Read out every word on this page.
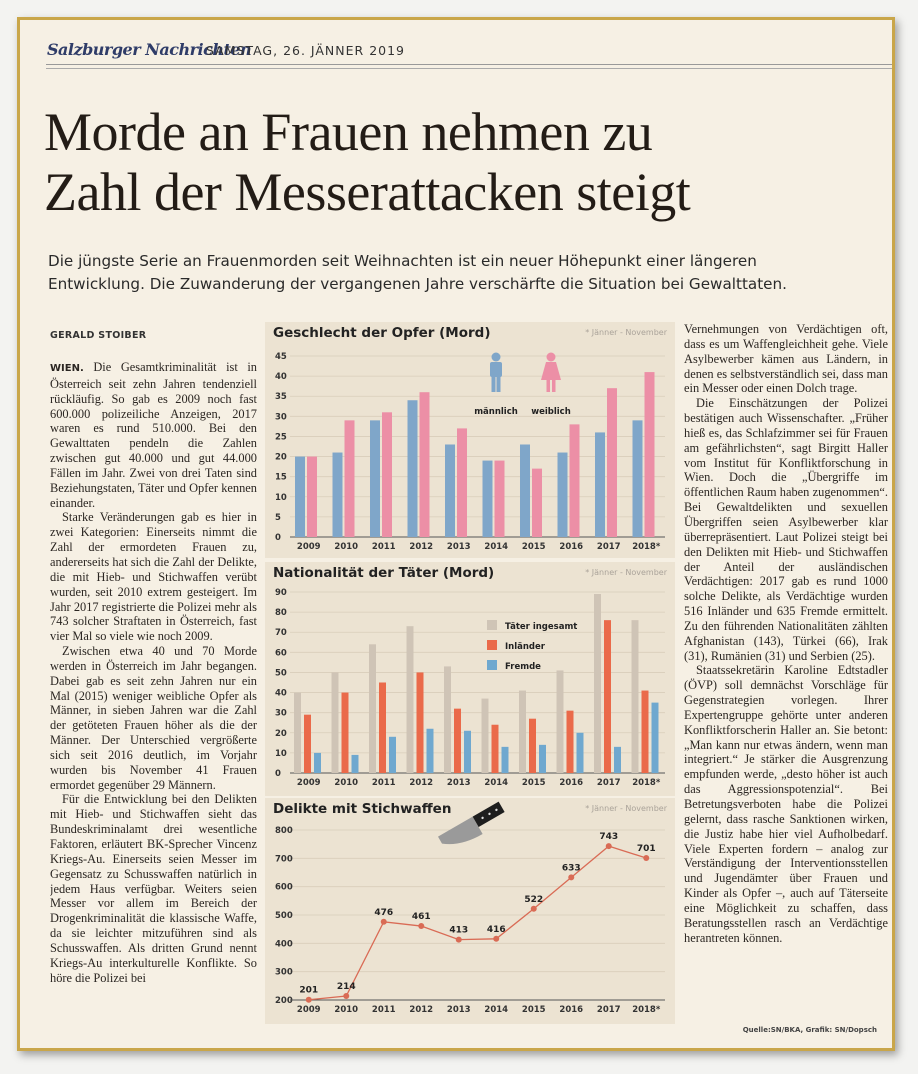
Salzburger Nachrichten
SAMSTAG, 26. JÄNNER 2019
Morde an Frauen nehmen zu
Zahl der Messerattacken steigt
Die jüngste Serie an Frauenmorden seit Weihnachten ist ein neuer Höhepunkt einer längeren
Entwicklung. Die Zuwanderung der vergangenen Jahre verschärfte die Situation bei Gewalttaten.
GERALD STOIBER

WIEN. Die Gesamtkriminalität ist in Österreich seit zehn Jahren tendenziell rückläufig. So gab es 2009 noch fast 600.000 polizeiliche Anzeigen, 2017 waren es rund 510.000. Bei den Gewalttaten pendeln die Zahlen zwischen gut 40.000 und gut 44.000 Fällen im Jahr. Zwei von drei Taten sind Beziehungstaten, Täter und Opfer kennen einander.

Starke Veränderungen gab es hier in zwei Kategorien: Einerseits nimmt die Zahl der ermordeten Frauen zu, andererseits hat sich die Zahl der Delikte, die mit Hieb- und Stichwaffen verübt wurden, seit 2010 extrem gesteigert. Im Jahr 2017 registrierte die Polizei mehr als 743 solcher Straftaten in Österreich, fast vier Mal so viele wie noch 2009.

Zwischen etwa 40 und 70 Morde werden in Österreich im Jahr begangen. Dabei gab es seit zehn Jahren nur ein Mal (2015) weniger weibliche Opfer als Männer, in sieben Jahren war die Zahl der getöteten Frauen höher als die der Männer. Der Unterschied vergrößerte sich seit 2016 deutlich, im Vorjahr wurden bis November 41 Frauen ermordet gegenüber 29 Männern.

Für die Entwicklung bei den Delikten mit Hieb- und Stichwaffen sieht das Bundeskriminalamt drei wesentliche Faktoren, erläutert BK-Sprecher Vincenz Kriegs-Au. Einerseits seien Messer im Gegensatz zu Schusswaffen natürlich in jedem Haus verfügbar. Weiters seien Messer vor allem im Bereich der Drogenkriminalität die klassische Waffe, da sie leichter mitzuführen sind als Schusswaffen. Als dritten Grund nennt Kriegs-Au interkulturelle Konflikte. So höre die Polizei bei

Vernehmungen von Verdächtigen oft, dass es um Waffengleichheit gehe. Viele Asylbewerber kämen aus Ländern, in denen es selbstverständlich sei, dass man ein Messer oder einen Dolch trage.

Die Einschätzungen der Polizei bestätigen auch Wissenschafter. „Früher hieß es, das Schlafzimmer sei für Frauen am gefährlichsten“, sagt Birgitt Haller vom Institut für Konfliktforschung in Wien. Doch die „Übergriffe im öffentlichen Raum haben zugenommen“. Bei Gewaltdelikten und sexuellen Übergriffen seien Asylbewerber klar überrepräsentiert. Laut Polizei steigt bei den Delikten mit Hieb- und Stichwaffen der Anteil der ausländischen Verdächtigen: 2017 gab es rund 1000 solche Delikte, als Verdächtige wurden 516 Inländer und 635 Fremde ermittelt. Zu den führenden Nationalitäten zählten Afghanistan (143), Türkei (66), Irak (31), Rumänien (31) und Serbien (25).

Staatssekretärin Karoline Edtstadler (ÖVP) soll demnächst Vorschläge für Gegenstrategien vorlegen. Ihrer Expertengruppe gehörte unter anderen Konfliktforscherin Haller an. Sie betont: „Man kann nur etwas ändern, wenn man integriert.“ Je stärker die Ausgrenzung empfunden werde, „desto höher ist auch das Aggressionspotenzial“. Bei Betretungsverboten habe die Polizei gelernt, dass rasche Sanktionen wirken, die Justiz habe hier viel Aufholbedarf. Viele Experten fordern – analog zur Verständigung der Interventionsstellen und Jugendämter über Frauen und Kinder als Opfer –, auch auf Täterseite eine Möglichkeit zu schaffen, dass Beratungsstellen rasch an Verdächtige herantreten können.

Geschlecht der Opfer (Mord)	* Jänner - November
0
5
10
15
20
25
30
35
40
45
2009 2010 2011 2012 2013 2014 2015 2016 2017 2018*
männlich weiblich
Nationalität der Täter (Mord)	* Jänner - November
0
10
20
30
40
50
60
70
80
90
2009 2010 2011 2012 2013 2014 2015 2016 2017 2018*
Täter ingesamt
Inländer
Fremde
Delikte mit Stichwaffen	* Jänner - November
200
300
400
500
600
700
800
2009 2010 2011 2012 2013 2014 2015 2016 2017 2018*
201 214
476 461
413 416
522
633
743
701
Quelle:SN/BKA, Grafik: SN/Dopsch
